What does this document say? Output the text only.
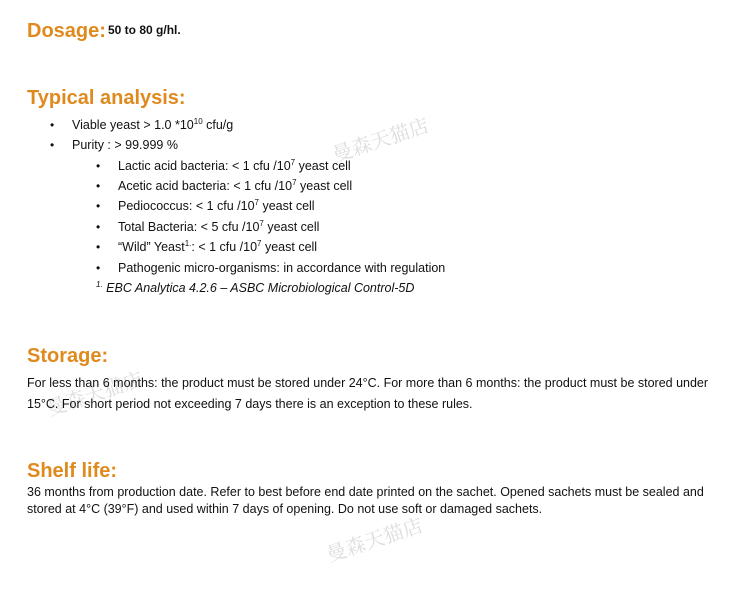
曼森天猫店
曼森天猫店
曼森天猫店
Dosage: 50 to 80 g/hl.
Typical analysis:
• Viable yeast > 1.0 $*10^{10}$ cfu/g
• Purity : > 99.999 %
• Lactic acid bacteria: < 1 cfu $/10^7$ yeast cell
• Acetic acid bacteria: < 1 cfu $/10^7$ yeast cell
• Pediococcus: < 1 cfu $/10^7$ yeast cell
• Total Bacteria: < 5 cfu $/10^7$ yeast cell
• “Wild” Yeast$^{1.}$: < 1 cfu $/10^7$ yeast cell
• Pathogenic micro-organisms: in accordance with regulation
$^{1.}$ EBC Analytica 4.2.6 – ASBC Microbiological Control-5D
Storage:

For less than 6 months: the product must be stored under 24°C. For more than 6 months: the product must be stored under 15°C. For short period not exceeding 7 days there is an exception to these rules.

Shelf life:

36 months from production date. Refer to best before end date printed on the sachet. Opened sachets must be sealed and stored at 4°C (39°F) and used within 7 days of opening. Do not use soft or damaged sachets.
